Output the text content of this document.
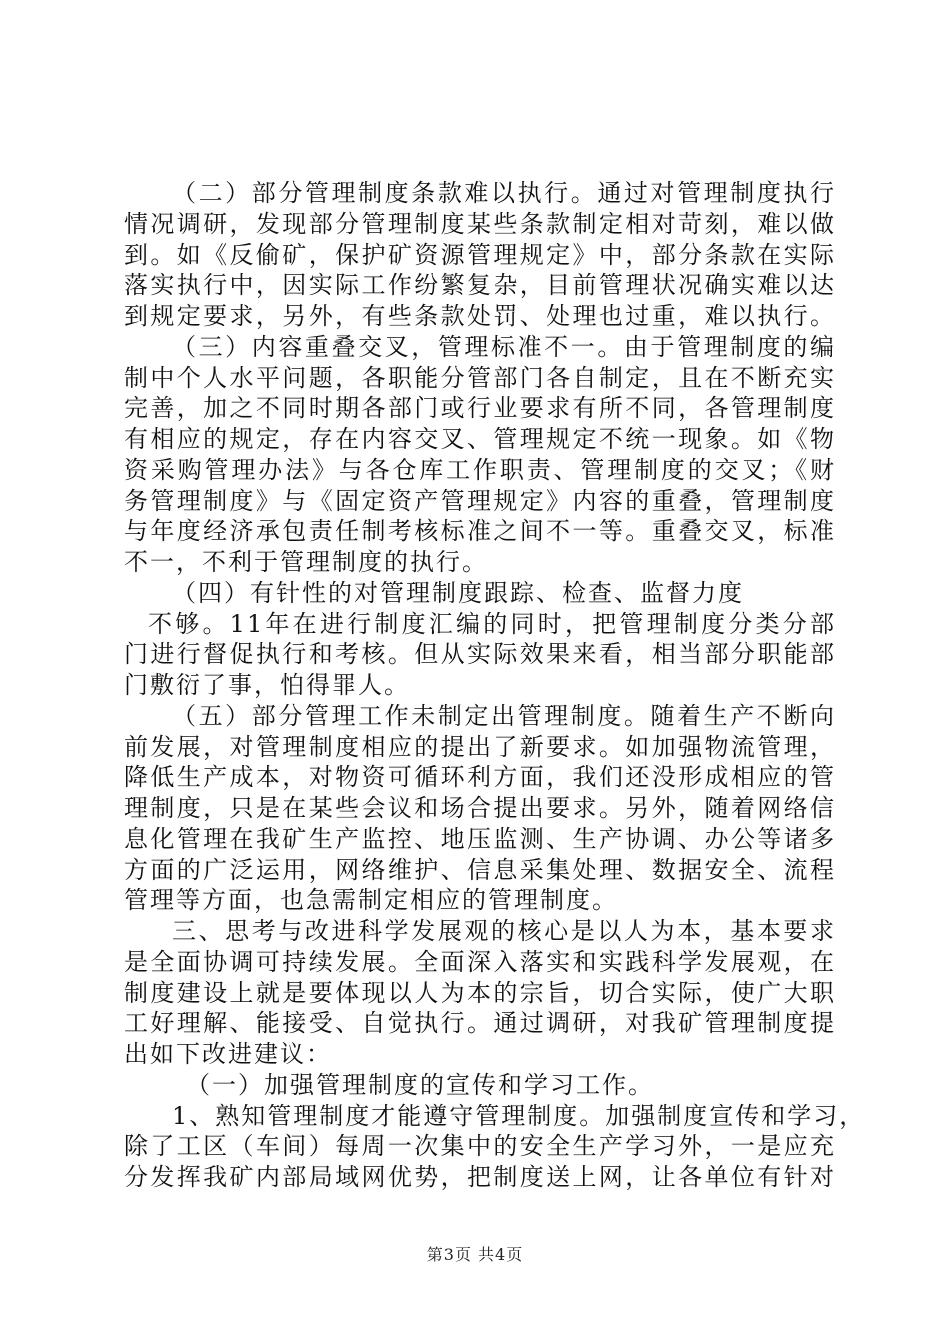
（二）部分管理制度条款难以执行。通过对管理制度执行
情况调研，发现部分管理制度某些条款制定相对苛刻，难以做
到。如《反偷矿，保护矿资源管理规定》中，部分条款在实际
落实执行中，因实际工作纷繁复杂，目前管理状况确实难以达
到规定要求，另外，有些条款处罚、处理也过重，难以执行。
（三）内容重叠交叉，管理标准不一。由于管理制度的编
制中个人水平问题，各职能分管部门各自制定，且在不断充实
完善，加之不同时期各部门或行业要求有所不同，各管理制度
有相应的规定，存在内容交叉、管理规定不统一现象。如《物
资采购管理办法》与各仓库工作职责、管理制度的交叉；《财
务管理制度》与《固定资产管理规定》内容的重叠，管理制度
与年度经济承包责任制考核标准之间不一等。重叠交叉，标准
不一，不利于管理制度的执行。
（四）有针性的对管理制度跟踪、检查、监督力度
不够。11年在进行制度汇编的同时，把管理制度分类分部
门进行督促执行和考核。但从实际效果来看，相当部分职能部
门敷衍了事，怕得罪人。
（五）部分管理工作未制定出管理制度。随着生产不断向
前发展，对管理制度相应的提出了新要求。如加强物流管理，
降低生产成本，对物资可循环利方面，我们还没形成相应的管
理制度，只是在某些会议和场合提出要求。另外，随着网络信
息化管理在我矿生产监控、地压监测、生产协调、办公等诸多
方面的广泛运用，网络维护、信息采集处理、数据安全、流程
管理等方面，也急需制定相应的管理制度。
三、思考与改进科学发展观的核心是以人为本，基本要求
是全面协调可持续发展。全面深入落实和实践科学发展观，在
制度建设上就是要体现以人为本的宗旨，切合实际，使广大职
工好理解、能接受、自觉执行。通过调研，对我矿管理制度提
出如下改进建议：
（一）加强管理制度的宣传和学习工作。
1、熟知管理制度才能遵守管理制度。加强制度宣传和学习，
除了工区（车间）每周一次集中的安全生产学习外，一是应充
分发挥我矿内部局域网优势，把制度送上网，让各单位有针对
第3页 共4页
